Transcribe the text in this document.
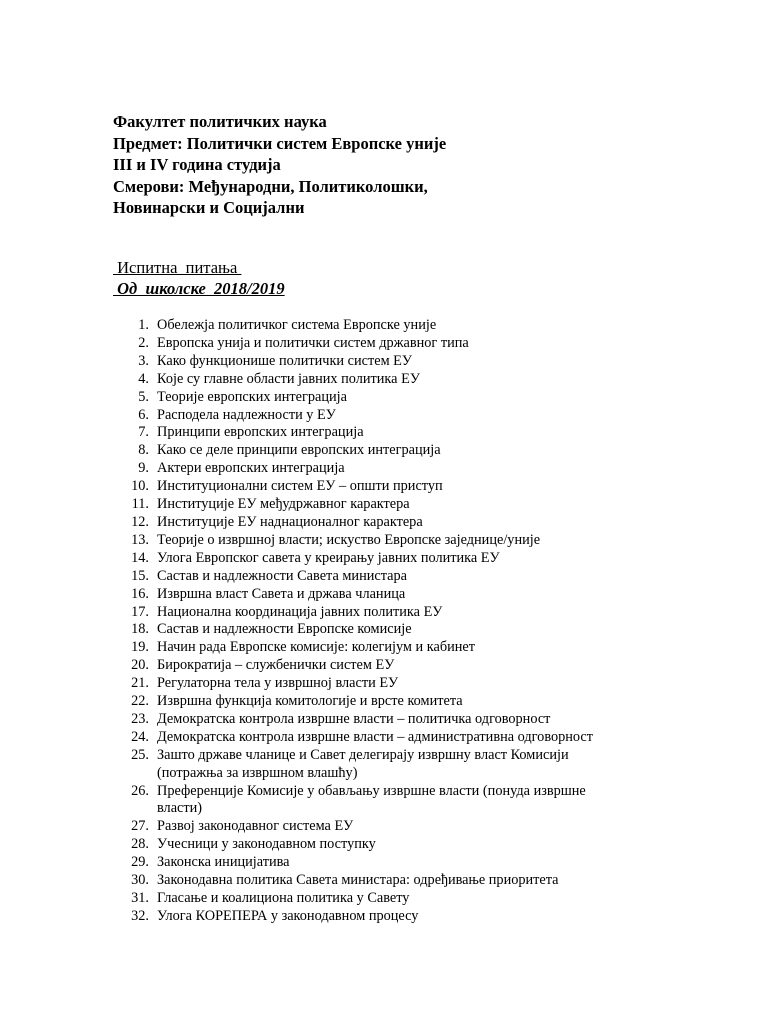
Факултет политичких наука
Предмет: Политички систем Европске уније
III и IV година студија
Смерови: Међународни, Политиколошки,
Новинарски и Социјални
Испитна  питања
Од  школске  2018/2019
1. Обележја политичког система Европске уније
2. Европска унија и политички систем државног типа
3. Како функционише политички систем ЕУ
4. Које су главне области јавних политика ЕУ
5. Теорије европских интеграција
6. Расподела надлежности у ЕУ
7. Принципи европских интеграција
8. Како се деле принципи европских интеграција
9. Актери европских интеграција
10. Институционални систем ЕУ – општи приступ
11. Институције ЕУ међудржавног карактера
12. Институције ЕУ наднационалног карактера
13. Теорије о извршној власти; искуство Европске заједнице/уније
14. Улога Европског савета у креирању јавних политика ЕУ
15. Састав и надлежности Савета министара
16. Извршна власт Савета и држава чланица
17. Национална координација јавних политика ЕУ
18. Састав и надлежности Европске комисије
19. Начин рада Европске комисије: колегијум и кабинет
20. Бирократија – службенички систем ЕУ
21. Регулаторна тела у извршној власти ЕУ
22. Извршна функција комитологије и врсте комитета
23. Демократска контрола извршне власти – политичка одговорност
24. Демократска контрола извршне власти – административна одговорност
25. Зашто државе чланице и Савет делегирају извршну власт Комисији (потражња за извршном влашћу)
26. Преференције Комисије у обављању извршне власти (понуда извршне власти)
27. Развој законодавног система ЕУ
28. Учесници у законодавном поступку
29. Законска иницијатива
30. Законодавна политика Савета министара: одређивање приоритета
31. Гласање и коалициона политика у Савету
32. Улога КОРЕПЕРА у законодавном процесу
